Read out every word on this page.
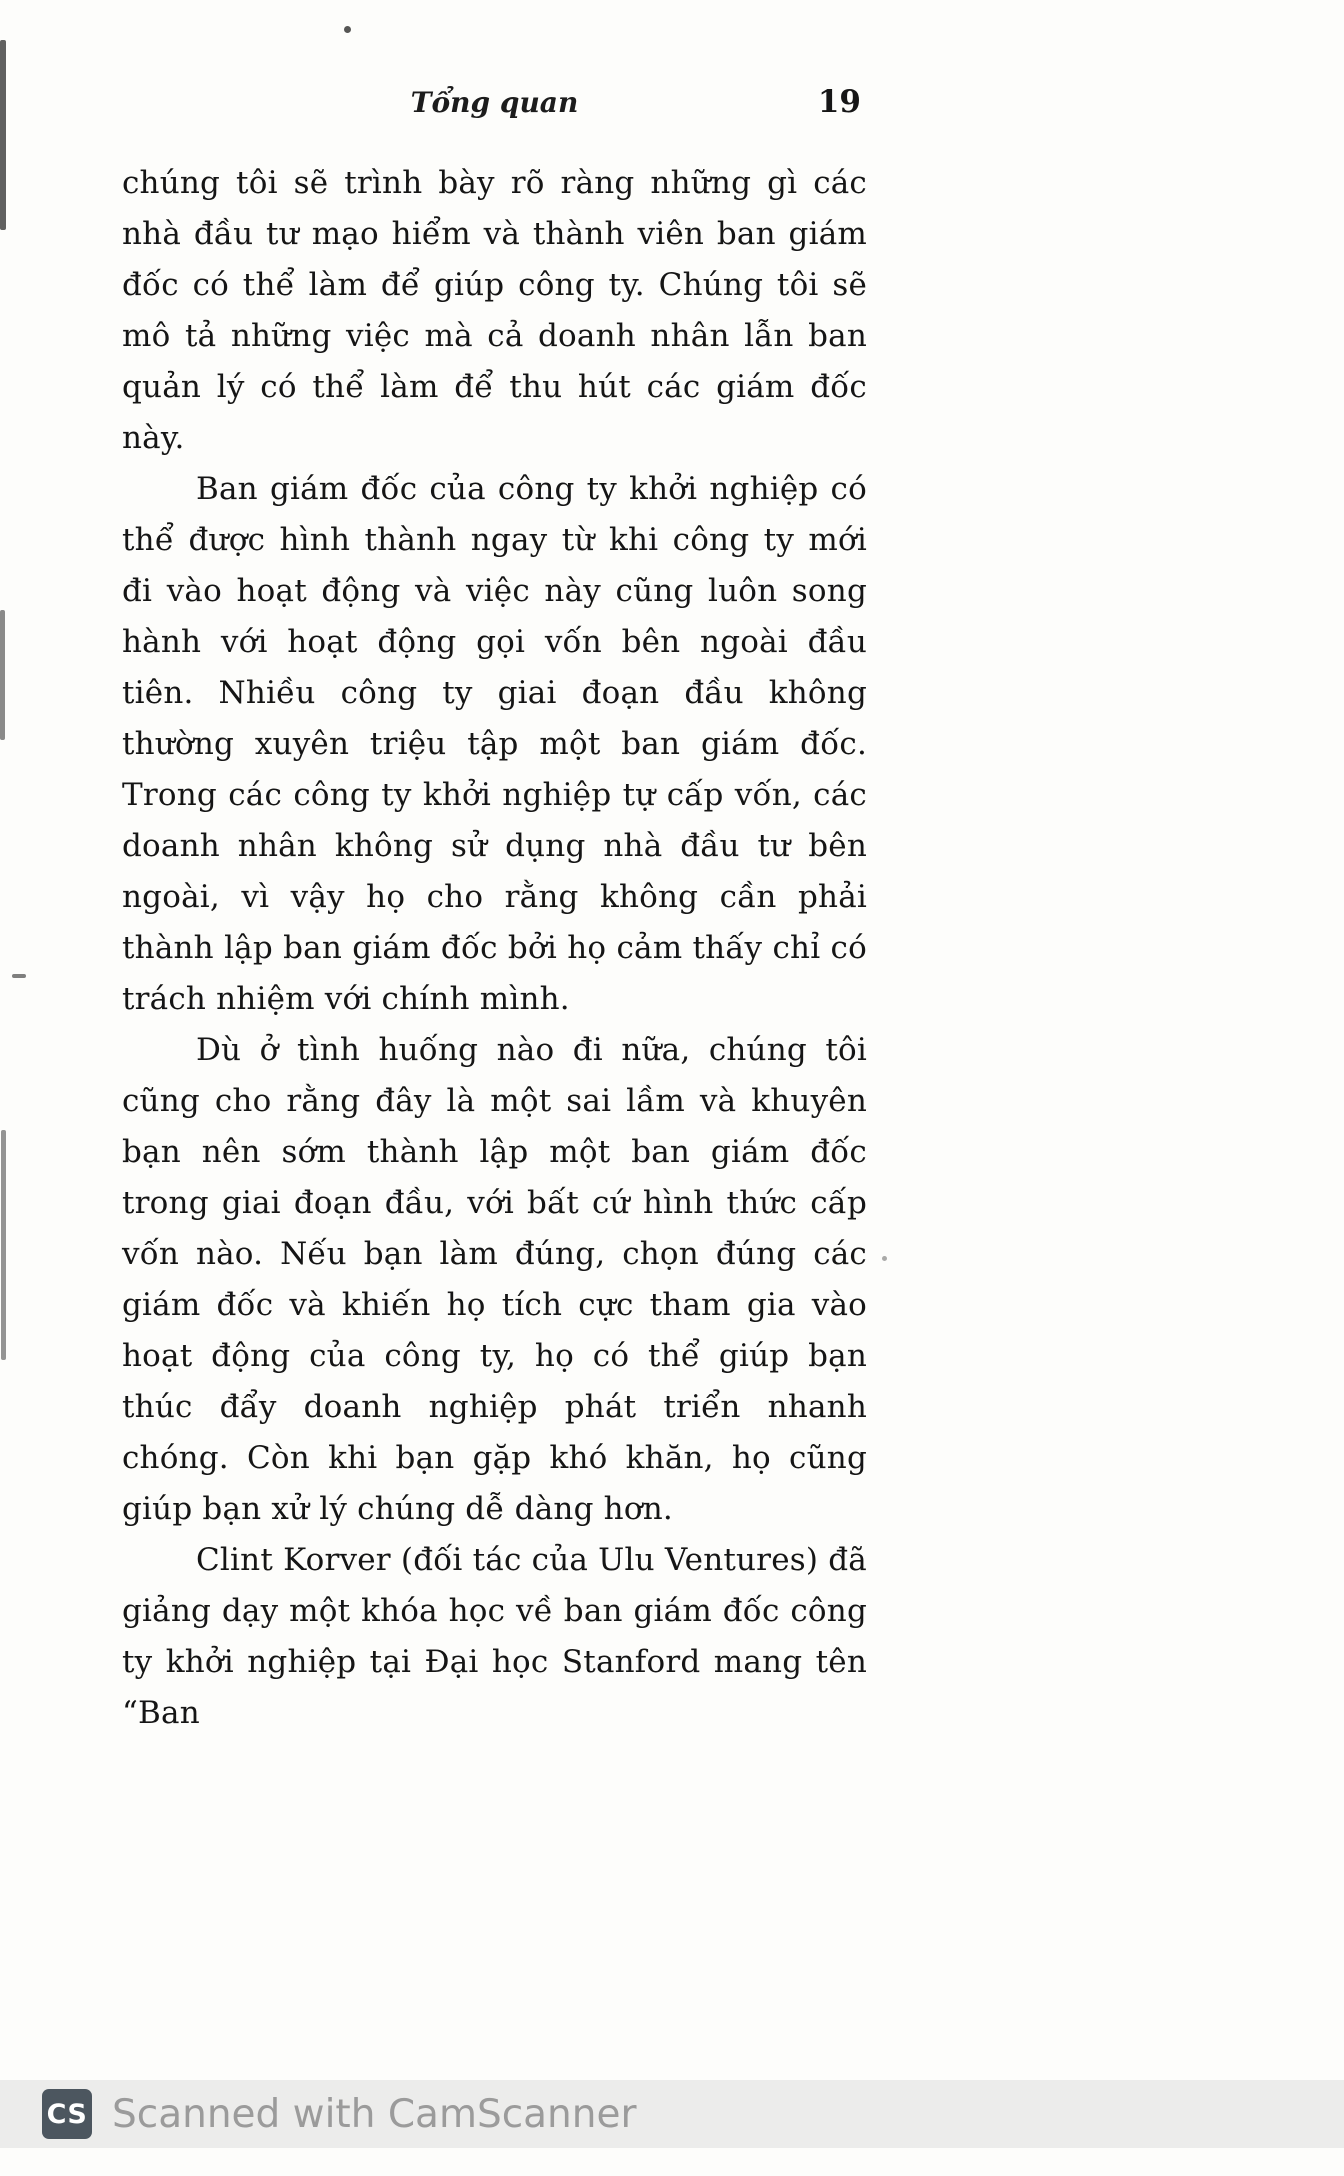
Tổng quan	19

chúng tôi sẽ trình bày rõ ràng những gì các nhà đầu tư mạo hiểm và thành viên ban giám đốc có thể làm để giúp công ty. Chúng tôi sẽ mô tả những việc mà cả doanh nhân lẫn ban quản lý có thể làm để thu hút các giám đốc này.

Ban giám đốc của công ty khởi nghiệp có thể được hình thành ngay từ khi công ty mới đi vào hoạt động và việc này cũng luôn song hành với hoạt động gọi vốn bên ngoài đầu tiên. Nhiều công ty giai đoạn đầu không thường xuyên triệu tập một ban giám đốc. Trong các công ty khởi nghiệp tự cấp vốn, các doanh nhân không sử dụng nhà đầu tư bên ngoài, vì vậy họ cho rằng không cần phải thành lập ban giám đốc bởi họ cảm thấy chỉ có trách nhiệm với chính mình.

Dù ở tình huống nào đi nữa, chúng tôi cũng cho rằng đây là một sai lầm và khuyên bạn nên sớm thành lập một ban giám đốc trong giai đoạn đầu, với bất cứ hình thức cấp vốn nào. Nếu bạn làm đúng, chọn đúng các giám đốc và khiến họ tích cực tham gia vào hoạt động của công ty, họ có thể giúp bạn thúc đẩy doanh nghiệp phát triển nhanh chóng. Còn khi bạn gặp khó khăn, họ cũng giúp bạn xử lý chúng dễ dàng hơn.

Clint Korver (đối tác của Ulu Ventures) đã giảng dạy một khóa học về ban giám đốc công ty khởi nghiệp tại Đại học Stanford mang tên “Ban

CS Scanned with CamScanner
